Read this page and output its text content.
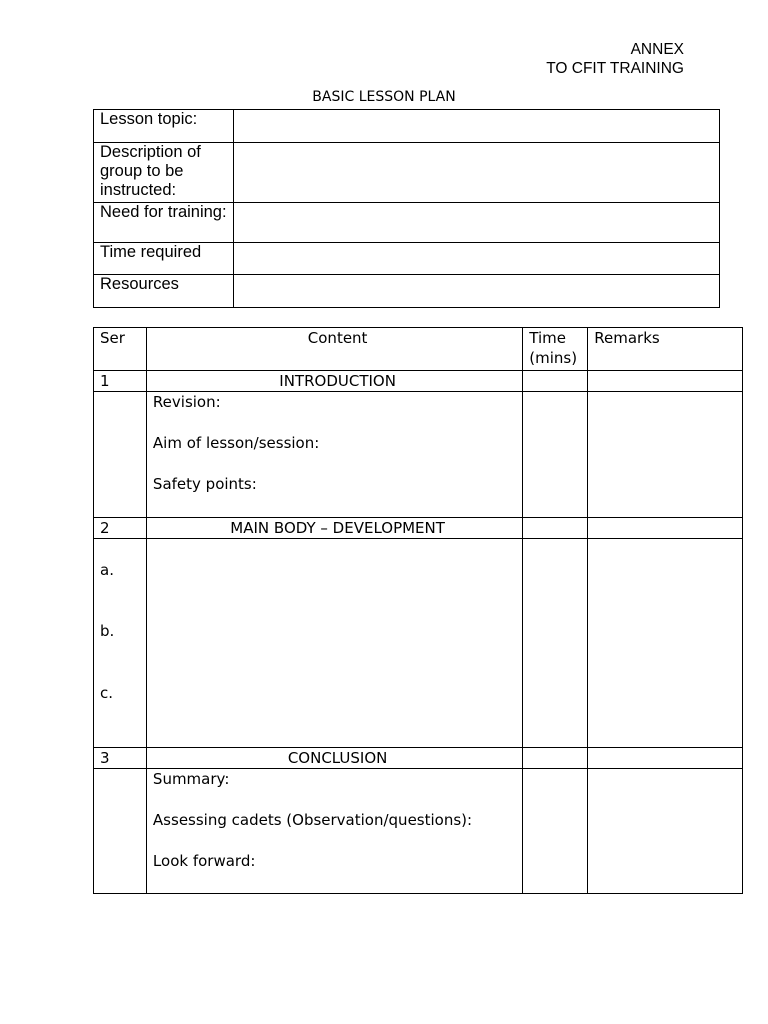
ANNEX
TO CFIT TRAINING
BASIC LESSON PLAN
Lesson topic:	
Description of group to be instructed:	
Need for training:	
Time required	
Resources	
Ser	Content	Time (mins)	Remarks
1	INTRODUCTION		

	Revision:

Aim of lesson/session:

Safety points:		

2	MAIN BODY – DEVELOPMENT		

a.

b.

c.			

3	CONCLUSION		

	Summary:

Assessing cadets (Observation/questions):

Look forward:		
